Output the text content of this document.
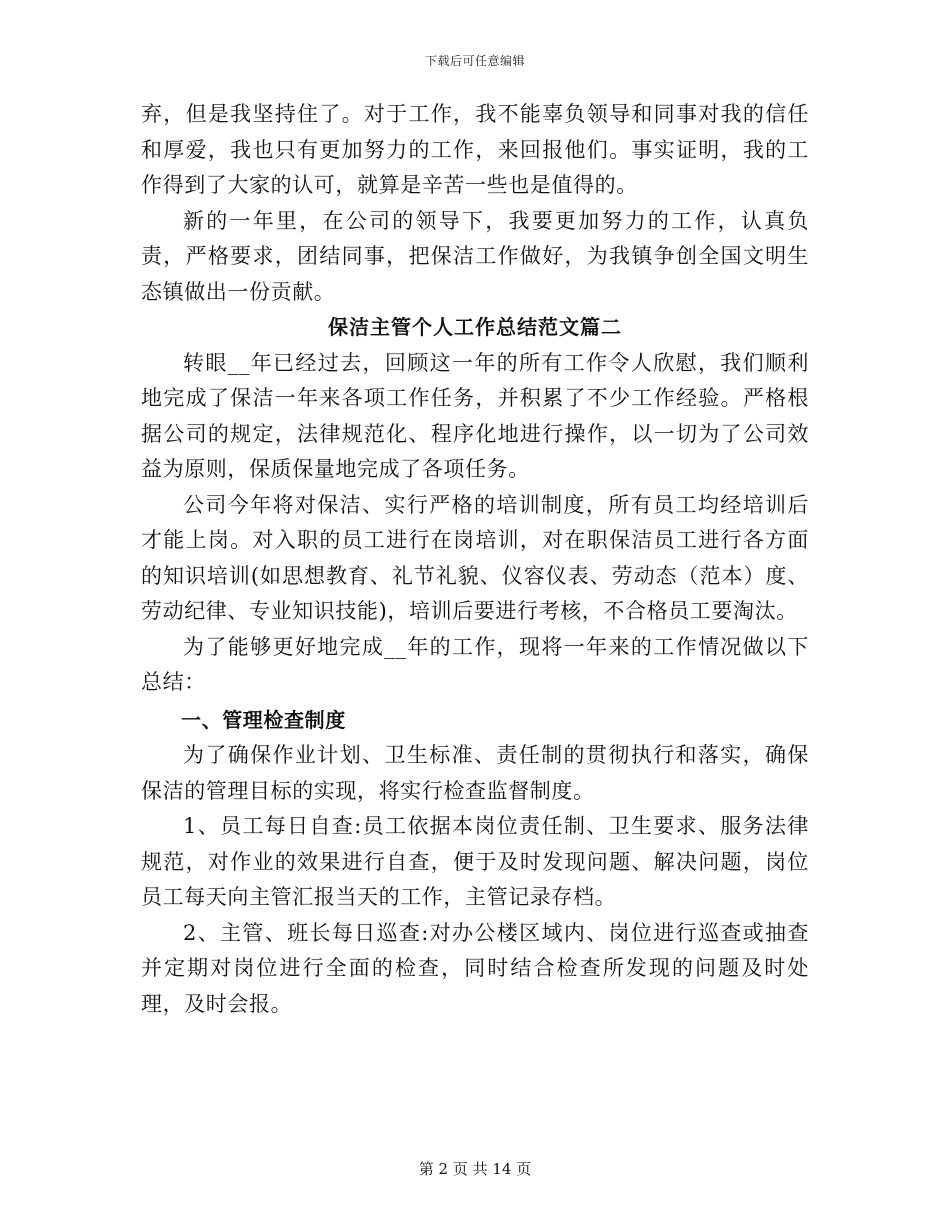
下载后可任意编辑

弃，但是我坚持住了。对于工作，我不能辜负领导和同事对我的信任和厚爱，我也只有更加努力的工作，来回报他们。事实证明，我的工作得到了大家的认可，就算是辛苦一些也是值得的。

新的一年里，在公司的领导下，我要更加努力的工作，认真负责，严格要求，团结同事，把保洁工作做好，为我镇争创全国文明生态镇做出一份贡献。

保洁主管个人工作总结范文篇二

转眼__年已经过去，回顾这一年的所有工作令人欣慰，我们顺利地完成了保洁一年来各项工作任务，并积累了不少工作经验。严格根据公司的规定，法律规范化、程序化地进行操作，以一切为了公司效益为原则，保质保量地完成了各项任务。

公司今年将对保洁、实行严格的培训制度，所有员工均经培训后才能上岗。对入职的员工进行在岗培训，对在职保洁员工进行各方面的知识培训(如思想教育、礼节礼貌、仪容仪表、劳动态（范本）度、劳动纪律、专业知识技能)，培训后要进行考核，不合格员工要淘汰。

为了能够更好地完成__年的工作，现将一年来的工作情况做以下总结：

一、管理检查制度

为了确保作业计划、卫生标准、责任制的贯彻执行和落实，确保保洁的管理目标的实现，将实行检查监督制度。

1、员工每日自查:员工依据本岗位责任制、卫生要求、服务法律规范，对作业的效果进行自查，便于及时发现问题、解决问题，岗位员工每天向主管汇报当天的工作，主管记录存档。

2、主管、班长每日巡查:对办公楼区域内、岗位进行巡查或抽查并定期对岗位进行全面的检查，同时结合检查所发现的问题及时处理，及时会报。

第 2 页 共 14 页
